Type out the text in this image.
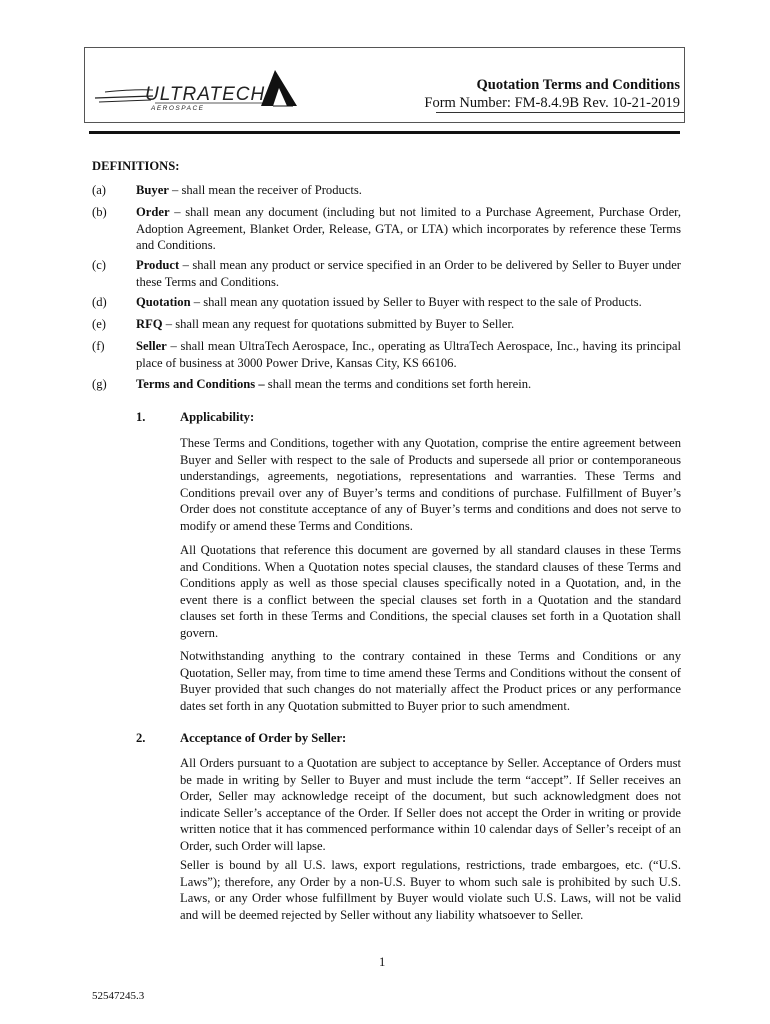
ULTRATECH
AEROSPACE
Quotation Terms and Conditions
Form Number: FM-8.4.9B Rev. 10-21-2019
DEFINITIONS:
(a) Buyer – shall mean the receiver of Products.
(b) Order – shall mean any document (including but not limited to a Purchase Agreement, Purchase Order, Adoption Agreement, Blanket Order, Release, GTA, or LTA) which incorporates by reference these Terms and Conditions.
(c) Product – shall mean any product or service specified in an Order to be delivered by Seller to Buyer under these Terms and Conditions.
(d) Quotation – shall mean any quotation issued by Seller to Buyer with respect to the sale of Products.
(e) RFQ – shall mean any request for quotations submitted by Buyer to Seller.
(f) Seller – shall mean UltraTech Aerospace, Inc., operating as UltraTech Aerospace, Inc., having its principal place of business at 3000 Power Drive, Kansas City, KS 66106.
(g) Terms and Conditions – shall mean the terms and conditions set forth herein.
1.	Applicability:
These Terms and Conditions, together with any Quotation, comprise the entire agreement between Buyer and Seller with respect to the sale of Products and supersede all prior or contemporaneous understandings, agreements, negotiations, representations and warranties. These Terms and Conditions prevail over any of Buyer’s terms and conditions of purchase. Fulfillment of Buyer’s Order does not constitute acceptance of any of Buyer’s terms and conditions and does not serve to modify or amend these Terms and Conditions.
All Quotations that reference this document are governed by all standard clauses in these Terms and Conditions. When a Quotation notes special clauses, the standard clauses of these Terms and Conditions apply as well as those special clauses specifically noted in a Quotation, and, in the event there is a conflict between the special clauses set forth in a Quotation and the standard clauses set forth in these Terms and Conditions, the special clauses set forth in a Quotation shall govern.
Notwithstanding anything to the contrary contained in these Terms and Conditions or any Quotation, Seller may, from time to time amend these Terms and Conditions without the consent of Buyer provided that such changes do not materially affect the Product prices or any performance dates set forth in any Quotation submitted to Buyer prior to such amendment.
2.	Acceptance of Order by Seller:
All Orders pursuant to a Quotation are subject to acceptance by Seller. Acceptance of Orders must be made in writing by Seller to Buyer and must include the term “accept”. If Seller receives an Order, Seller may acknowledge receipt of the document, but such acknowledgment does not indicate Seller’s acceptance of the Order. If Seller does not accept the Order in writing or provide written notice that it has commenced performance within 10 calendar days of Seller’s receipt of an Order, such Order will lapse.
Seller is bound by all U.S. laws, export regulations, restrictions, trade embargoes, etc. (“U.S. Laws”); therefore, any Order by a non-U.S. Buyer to whom such sale is prohibited by such U.S. Laws, or any Order whose fulfillment by Buyer would violate such U.S. Laws, will not be valid and will be deemed rejected by Seller without any liability whatsoever to Seller.
1
52547245.3
